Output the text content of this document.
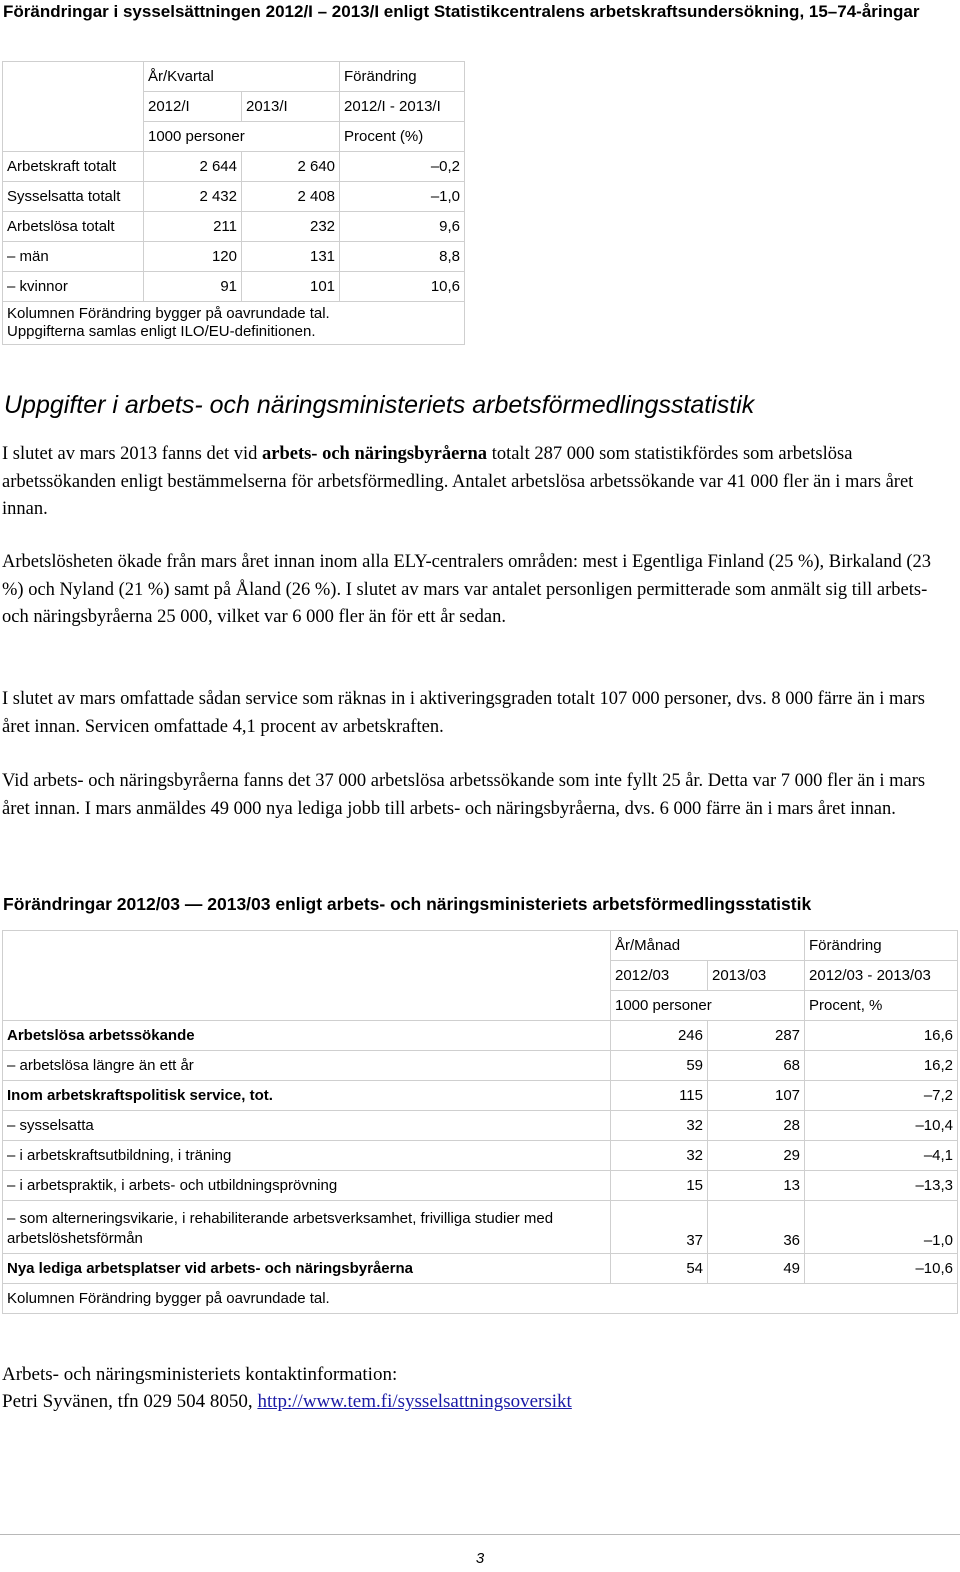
Förändringar i sysselsättningen 2012/I – 2013/I enligt Statistikcentralens arbetskraftsundersökning, 15–74-åringar
	År/Kvartal		Förändring
	2012/I	2013/I	2012/I - 2013/I
	1000 personer		Procent (%)
Arbetskraft totalt	2 644	2 640	–0,2
Sysselsatta totalt	2 432	2 408	–1,0
Arbetslösa totalt	211	232	9,6
– män	120	131	8,8
– kvinnor	91	101	10,6

Kolumnen Förändring bygger på oavrundade tal.
Uppgifterna samlas enligt ILO/EU-definitionen.			
Uppgifter i arbets- och näringsministeriets arbetsförmedlingsstatistik

I slutet av mars 2013 fanns det vid arbets- och näringsbyråerna totalt 287 000 som statistikfördes som arbetslösa arbetssökanden enligt bestämmelserna för arbetsförmedling. Antalet arbetslösa arbetssökande var 41 000 fler än i mars året innan.

Arbetslösheten ökade från mars året innan inom alla ELY-centralers områden: mest i Egentliga Finland (25 %), Birkaland (23 %) och Nyland (21 %) samt på Åland (26 %). I slutet av mars var antalet personligen permitterade som anmält sig till arbets- och näringsbyråerna 25 000, vilket var 6 000 fler än för ett år sedan.

I slutet av mars omfattade sådan service som räknas in i aktiveringsgraden totalt 107 000 personer, dvs. 8 000 färre än i mars året innan. Servicen omfattade 4,1 procent av arbetskraften.

Vid arbets- och näringsbyråerna fanns det 37 000 arbetslösa arbetssökande som inte fyllt 25 år. Detta var 7 000 fler än i mars året innan. I mars anmäldes 49 000 nya lediga jobb till arbets- och näringsbyråerna, dvs. 6 000 färre än i mars året innan.

Förändringar 2012/03 — 2013/03 enligt arbets- och näringsministeriets arbetsförmedlingsstatistik
	År/Månad		Förändring
	2012/03	2013/03	2012/03 - 2013/03
	1000 personer		Procent, %
Arbetslösa arbetssökande	246	287	16,6
– arbetslösa längre än ett år	59	68	16,2
Inom arbetskraftspolitisk service, tot.	115	107	–7,2
– sysselsatta	32	28	–10,4
– i arbetskraftsutbildning, i träning	32	29	–4,1
– i arbetspraktik, i arbets- och utbildningsprövning	15	13	–13,3
– som alterneringsvikarie, i rehabiliterande arbetsverksamhet, frivilliga studier med arbetslöshetsförmån	37	36	–1,0
Nya lediga arbetsplatser vid arbets- och näringsbyråerna	54	49	–10,6
Kolumnen Förändring bygger på oavrundade tal.			
Arbets- och näringsministeriets kontaktinformation:
Petri Syvänen, tfn 029 504 8050, http://www.tem.fi/sysselsattningsoversikt
3
